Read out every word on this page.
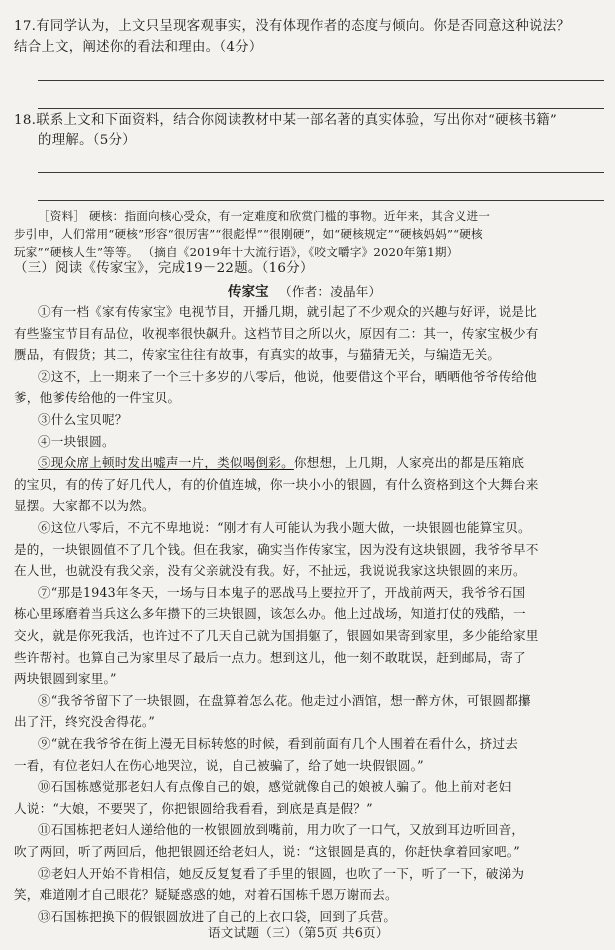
17.有同学认为，上文只呈现客观事实，没有体现作者的态度与倾向。你是否同意这种说法？
结合上文，阐述你的看法和理由。（4分）
18.联系上文和下面资料，结合你阅读教材中某一部名著的真实体验，写出你对“硬核书籍”
的理解。（5分）
［资料］ 硬核：指面向核心受众，有一定难度和欣赏门槛的事物。近年来，其含义进一
步引申，人们常用“硬核”形容“很厉害”“很彪悍”“很刚硬”，如“硬核规定”“硬核妈妈”“硬核
玩家”“硬核人生”等等。 （摘自《2019年十大流行语》，《咬文嚼字》2020年第1期）
（三）阅读《传家宝》，完成19－22题。（16分）
传家宝 （作者：凌晶年）
①有一档《家有传家宝》电视节目，开播几期，就引起了不少观众的兴趣与好评，说是比
有些鉴宝节目有品位，收视率很快飙升。这档节目之所以火，原因有二：其一，传家宝极少有
赝品，有假货；其二，传家宝往往有故事，有真实的故事，与猫猜无关，与编造无关。
②这不，上一期来了一个三十多岁的八零后，他说，他要借这个平台，晒晒他爷爷传给他
爹，他爹传给他的一件宝贝。
③什么宝贝呢？
④一块银圆。
⑤现众席上顿时发出嘘声一片，类似喝倒彩。你想想，上几期，人家亮出的都是压箱底
的宝贝，有的传了好几代人，有的价值连城，你一块小小的银圆，有什么资格到这个大舞台来
显摆。大家都不以为然。
⑥这位八零后，不亢不卑地说：“刚才有人可能认为我小题大做，一块银圆也能算宝贝。
是的，一块银圆值不了几个钱。但在我家，确实当作传家宝，因为没有这块银圆，我爷爷早不
在人世，也就没有我父亲，没有父亲就没有我。好，不扯远，我说说我家这块银圆的来历。
⑦“那是1943年冬天，一场与日本鬼子的恶战马上要拉开了，开战前两天，我爷爷石国
栋心里琢磨着当兵这么多年攒下的三块银圆，该怎么办。他上过战场，知道打仗的残酷，一
交火，就是你死我活，也许过不了几天自己就为国捐躯了，银圆如果寄到家里，多少能给家里
些许帮衬。也算自己为家里尽了最后一点力。想到这儿，他一刻不敢耽误，赶到邮局，寄了
两块银圆到家里。”
⑧“我爷爷留下了一块银圆，在盘算着怎么花。他走过小酒馆，想一醉方休，可银圆都攥
出了汗，终究没舍得花。”
⑨“就在我爷爷在街上漫无目标转悠的时候，看到前面有几个人围着在看什么，挤过去
一看，有位老妇人在伤心地哭泣，说，自己被骗了，给了她一块假银圆。”
⑩石国栋感觉那老妇人有点像自己的娘，感觉就像自己的娘被人骗了。他上前对老妇
人说：“大娘，不要哭了，你把银圆给我看看，到底是真是假？”
⑪石国栋把老妇人递给他的一枚银圆放到嘴前，用力吹了一口气，又放到耳边听回音，
吹了两回，听了两回后，他把银圆还给老妇人，说：“这银圆是真的，你赶快拿着回家吧。”
⑫老妇人开始不肯相信，她反反复复看了手里的银圆，也吹了一下，听了一下，破涕为
笑，难道刚才自己眼花？疑疑惑惑的她，对着石国栋千恩万谢而去。
⑬石国栋把换下的假银圆放进了自己的上衣口袋，回到了兵营。
语文试题（三）（第5页 共6页）
